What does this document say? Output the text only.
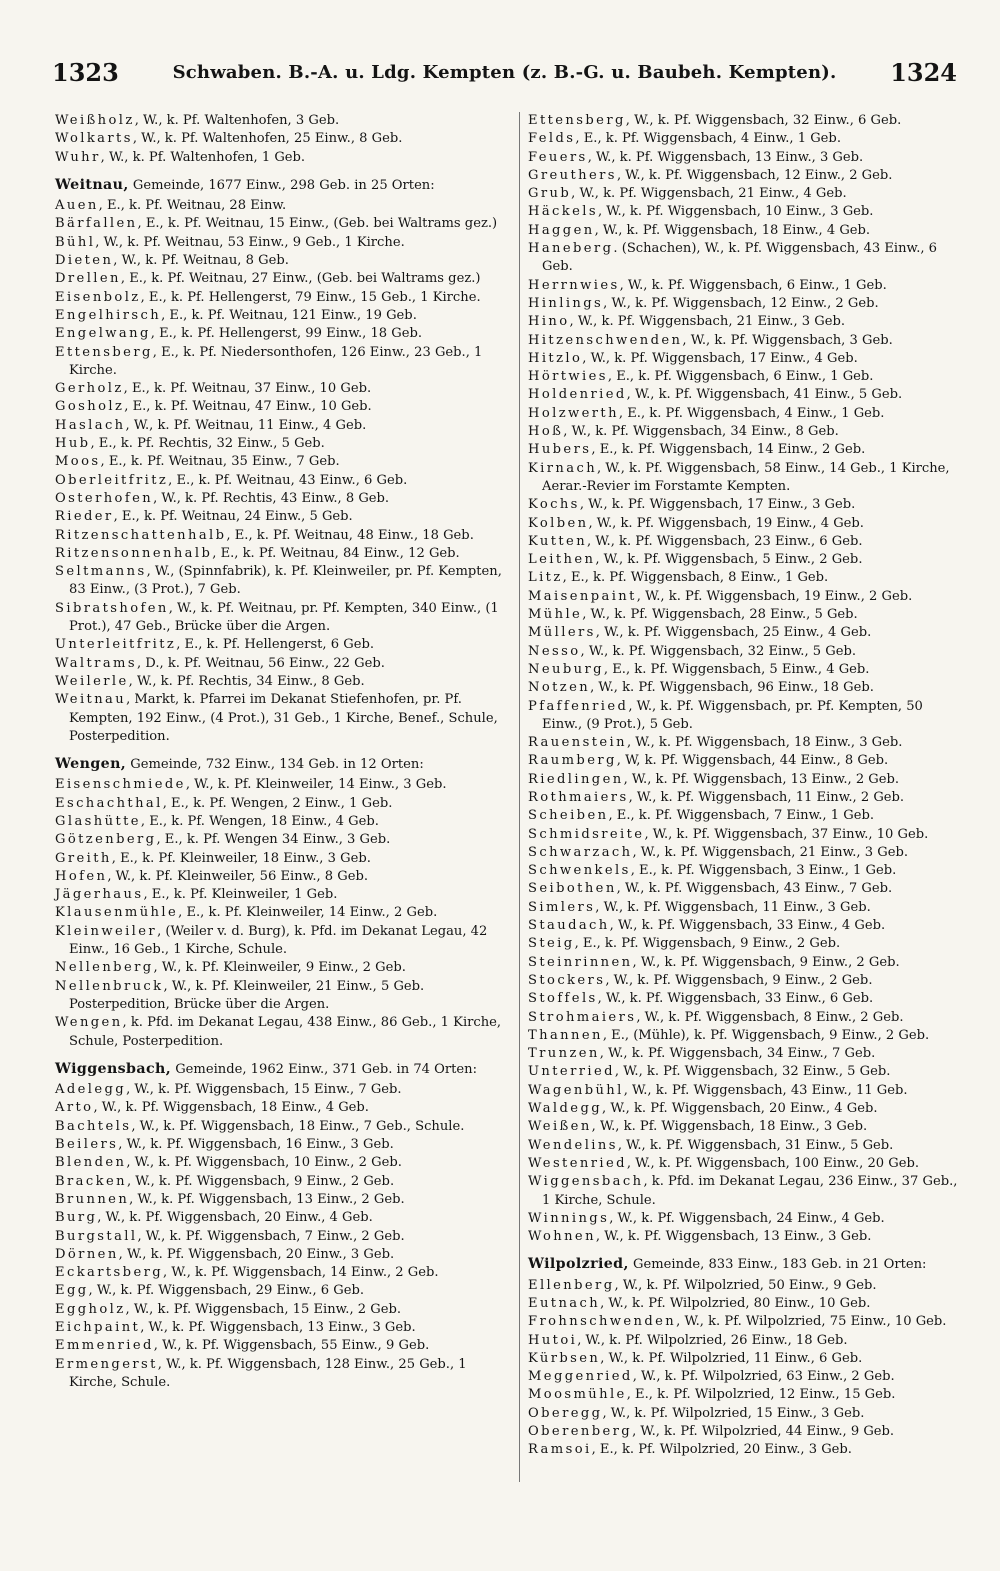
1323	Schwaben. B.-A. u. Ldg. Kempten (z. B.-G. u. Baubeh. Kempten). 1324

Weißholz, W., k. Pf. Waltenhofen, 3 Geb.

Wolkarts, W., k. Pf. Waltenhofen, 25 Einw., 8 Geb.

Wuhr, W., k. Pf. Waltenhofen, 1 Geb.

Weitnau, Gemeinde, 1677 Einw., 298 Geb. in 25 Orten:

Auen, E., k. Pf. Weitnau, 28 Einw.

Bärfallen, E., k. Pf. Weitnau, 15 Einw., (Geb. bei Waltrams gez.)

Bühl, W., k. Pf. Weitnau, 53 Einw., 9 Geb., 1 Kirche.

Dieten, W., k. Pf. Weitnau, 8 Geb.

Drellen, E., k. Pf. Weitnau, 27 Einw., (Geb. bei Waltrams gez.)

Eisenbolz, E., k. Pf. Hellengerst, 79 Einw., 15 Geb., 1 Kirche.

Engelhirsch, E., k. Pf. Weitnau, 121 Einw., 19 Geb.

Engelwang, E., k. Pf. Hellengerst, 99 Einw., 18 Geb.

Ettensberg, E., k. Pf. Niedersonthofen, 126 Einw., 23 Geb., 1 Kirche.

Gerholz, E., k. Pf. Weitnau, 37 Einw., 10 Geb.

Gosholz, E., k. Pf. Weitnau, 47 Einw., 10 Geb.

Haslach, W., k. Pf. Weitnau, 11 Einw., 4 Geb.

Hub, E., k. Pf. Rechtis, 32 Einw., 5 Geb.

Moos, E., k. Pf. Weitnau, 35 Einw., 7 Geb.

Oberleitfritz, E., k. Pf. Weitnau, 43 Einw., 6 Geb.

Osterhofen, W., k. Pf. Rechtis, 43 Einw., 8 Geb.

Rieder, E., k. Pf. Weitnau, 24 Einw., 5 Geb.

Ritzenschattenhalb, E., k. Pf. Weitnau, 48 Einw., 18 Geb.

Ritzensonnenhalb, E., k. Pf. Weitnau, 84 Einw., 12 Geb.

Seltmanns, W., (Spinnfabrik), k. Pf. Kleinweiler, pr. Pf. Kempten, 83 Einw., (3 Prot.), 7 Geb.

Sibratshofen, W., k. Pf. Weitnau, pr. Pf. Kempten, 340 Einw., (1 Prot.), 47 Geb., Brücke über die Argen.

Unterleitfritz, E., k. Pf. Hellengerst, 6 Geb.

Waltrams, D., k. Pf. Weitnau, 56 Einw., 22 Geb.

Weilerle, W., k. Pf. Rechtis, 34 Einw., 8 Geb.

Weitnau, Markt, k. Pfarrei im Dekanat Stiefenhofen, pr. Pf. Kempten, 192 Einw., (4 Prot.), 31 Geb., 1 Kirche, Benef., Schule, Posterpedition.

Wengen, Gemeinde, 732 Einw., 134 Geb. in 12 Orten:

Eisenschmiede, W., k. Pf. Kleinweiler, 14 Einw., 3 Geb.

Eschachthal, E., k. Pf. Wengen, 2 Einw., 1 Geb.

Glashütte, E., k. Pf. Wengen, 18 Einw., 4 Geb.

Götzenberg, E., k. Pf. Wengen 34 Einw., 3 Geb.

Greith, E., k. Pf. Kleinweiler, 18 Einw., 3 Geb.

Hofen, W., k. Pf. Kleinweiler, 56 Einw., 8 Geb.

Jägerhaus, E., k. Pf. Kleinweiler, 1 Geb.

Klausenmühle, E., k. Pf. Kleinweiler, 14 Einw., 2 Geb.

Kleinweiler, (Weiler v. d. Burg), k. Pfd. im Dekanat Legau, 42 Einw., 16 Geb., 1 Kirche, Schule.

Nellenberg, W., k. Pf. Kleinweiler, 9 Einw., 2 Geb.

Nellenbruck, W., k. Pf. Kleinweiler, 21 Einw., 5 Geb. Posterpedition, Brücke über die Argen.

Wengen, k. Pfd. im Dekanat Legau, 438 Einw., 86 Geb., 1 Kirche, Schule, Posterpedition.

Wiggensbach, Gemeinde, 1962 Einw., 371 Geb. in 74 Orten:

Adelegg, W., k. Pf. Wiggensbach, 15 Einw., 7 Geb.

Arto, W., k. Pf. Wiggensbach, 18 Einw., 4 Geb.

Bachtels, W., k. Pf. Wiggensbach, 18 Einw., 7 Geb., Schule.

Beilers, W., k. Pf. Wiggensbach, 16 Einw., 3 Geb.

Blenden, W., k. Pf. Wiggensbach, 10 Einw., 2 Geb.

Bracken, W., k. Pf. Wiggensbach, 9 Einw., 2 Geb.

Brunnen, W., k. Pf. Wiggensbach, 13 Einw., 2 Geb.

Burg, W., k. Pf. Wiggensbach, 20 Einw., 4 Geb.

Burgstall, W., k. Pf. Wiggensbach, 7 Einw., 2 Geb.

Dörnen, W., k. Pf. Wiggensbach, 20 Einw., 3 Geb.

Eckartsberg, W., k. Pf. Wiggensbach, 14 Einw., 2 Geb.

Egg, W., k. Pf. Wiggensbach, 29 Einw., 6 Geb.

Eggholz, W., k. Pf. Wiggensbach, 15 Einw., 2 Geb.

Eichpaint, W., k. Pf. Wiggensbach, 13 Einw., 3 Geb.

Emmenried, W., k. Pf. Wiggensbach, 55 Einw., 9 Geb.

Ermengerst, W., k. Pf. Wiggensbach, 128 Einw., 25 Geb., 1 Kirche, Schule.

Ettensberg, W., k. Pf. Wiggensbach, 32 Einw., 6 Geb.

Felds, E., k. Pf. Wiggensbach, 4 Einw., 1 Geb.

Feuers, W., k. Pf. Wiggensbach, 13 Einw., 3 Geb.

Greuthers, W., k. Pf. Wiggensbach, 12 Einw., 2 Geb.

Grub, W., k. Pf. Wiggensbach, 21 Einw., 4 Geb.

Häckels, W., k. Pf. Wiggensbach, 10 Einw., 3 Geb.

Haggen, W., k. Pf. Wiggensbach, 18 Einw., 4 Geb.

Haneberg. (Schachen), W., k. Pf. Wiggensbach, 43 Einw., 6 Geb.

Herrnwies, W., k. Pf. Wiggensbach, 6 Einw., 1 Geb.

Hinlings, W., k. Pf. Wiggensbach, 12 Einw., 2 Geb.

Hino, W., k. Pf. Wiggensbach, 21 Einw., 3 Geb.

Hitzenschwenden, W., k. Pf. Wiggensbach, 3 Geb.

Hitzlo, W., k. Pf. Wiggensbach, 17 Einw., 4 Geb.

Hörtwies, E., k. Pf. Wiggensbach, 6 Einw., 1 Geb.

Holdenried, W., k. Pf. Wiggensbach, 41 Einw., 5 Geb.

Holzwerth, E., k. Pf. Wiggensbach, 4 Einw., 1 Geb.

Hoß, W., k. Pf. Wiggensbach, 34 Einw., 8 Geb.

Hubers, E., k. Pf. Wiggensbach, 14 Einw., 2 Geb.

Kirnach, W., k. Pf. Wiggensbach, 58 Einw., 14 Geb., 1 Kirche, Aerar.-Revier im Forstamte Kempten.

Kochs, W., k. Pf. Wiggensbach, 17 Einw., 3 Geb.

Kolben, W., k. Pf. Wiggensbach, 19 Einw., 4 Geb.

Kutten, W., k. Pf. Wiggensbach, 23 Einw., 6 Geb.

Leithen, W., k. Pf. Wiggensbach, 5 Einw., 2 Geb.

Litz, E., k. Pf. Wiggensbach, 8 Einw., 1 Geb.

Maisenpaint, W., k. Pf. Wiggensbach, 19 Einw., 2 Geb.

Mühle, W., k. Pf. Wiggensbach, 28 Einw., 5 Geb.

Müllers, W., k. Pf. Wiggensbach, 25 Einw., 4 Geb.

Nesso, W., k. Pf. Wiggensbach, 32 Einw., 5 Geb.

Neuburg, E., k. Pf. Wiggensbach, 5 Einw., 4 Geb.

Notzen, W., k. Pf. Wiggensbach, 96 Einw., 18 Geb.

Pfaffenried, W., k. Pf. Wiggensbach, pr. Pf. Kempten, 50 Einw., (9 Prot.), 5 Geb.

Rauenstein, W., k. Pf. Wiggensbach, 18 Einw., 3 Geb.

Raumberg, W, k. Pf. Wiggensbach, 44 Einw., 8 Geb.

Riedlingen, W., k. Pf. Wiggensbach, 13 Einw., 2 Geb.

Rothmaiers, W., k. Pf. Wiggensbach, 11 Einw., 2 Geb.

Scheiben, E., k. Pf. Wiggensbach, 7 Einw., 1 Geb.

Schmidsreite, W., k. Pf. Wiggensbach, 37 Einw., 10 Geb.

Schwarzach, W., k. Pf. Wiggensbach, 21 Einw., 3 Geb.

Schwenkels, E., k. Pf. Wiggensbach, 3 Einw., 1 Geb.

Seibothen, W., k. Pf. Wiggensbach, 43 Einw., 7 Geb.

Simlers, W., k. Pf. Wiggensbach, 11 Einw., 3 Geb.

Staudach, W., k. Pf. Wiggensbach, 33 Einw., 4 Geb.

Steig, E., k. Pf. Wiggensbach, 9 Einw., 2 Geb.

Steinrinnen, W., k. Pf. Wiggensbach, 9 Einw., 2 Geb.

Stockers, W., k. Pf. Wiggensbach, 9 Einw., 2 Geb.

Stoffels, W., k. Pf. Wiggensbach, 33 Einw., 6 Geb.

Strohmaiers, W., k. Pf. Wiggensbach, 8 Einw., 2 Geb.

Thannen, E., (Mühle), k. Pf. Wiggensbach, 9 Einw., 2 Geb.

Trunzen, W., k. Pf. Wiggensbach, 34 Einw., 7 Geb.

Unterried, W., k. Pf. Wiggensbach, 32 Einw., 5 Geb.

Wagenbühl, W., k. Pf. Wiggensbach, 43 Einw., 11 Geb.

Waldegg, W., k. Pf. Wiggensbach, 20 Einw., 4 Geb.

Weißen, W., k. Pf. Wiggensbach, 18 Einw., 3 Geb.

Wendelins, W., k. Pf. Wiggensbach, 31 Einw., 5 Geb.

Westenried, W., k. Pf. Wiggensbach, 100 Einw., 20 Geb.

Wiggensbach, k. Pfd. im Dekanat Legau, 236 Einw., 37 Geb., 1 Kirche, Schule.

Winnings, W., k. Pf. Wiggensbach, 24 Einw., 4 Geb.

Wohnen, W., k. Pf. Wiggensbach, 13 Einw., 3 Geb.

Wilpolzried, Gemeinde, 833 Einw., 183 Geb. in 21 Orten:

Ellenberg, W., k. Pf. Wilpolzried, 50 Einw., 9 Geb.

Eutnach, W., k. Pf. Wilpolzried, 80 Einw., 10 Geb.

Frohnschwenden, W., k. Pf. Wilpolzried, 75 Einw., 10 Geb.

Hutoi, W., k. Pf. Wilpolzried, 26 Einw., 18 Geb.

Kürbsen, W., k. Pf. Wilpolzried, 11 Einw., 6 Geb.

Meggenried, W., k. Pf. Wilpolzried, 63 Einw., 2 Geb.

Moosmühle, E., k. Pf. Wilpolzried, 12 Einw., 15 Geb.

Oberegg, W., k. Pf. Wilpolzried, 15 Einw., 3 Geb.

Oberenberg, W., k. Pf. Wilpolzried, 44 Einw., 9 Geb.

Ramsoi, E., k. Pf. Wilpolzried, 20 Einw., 3 Geb.
